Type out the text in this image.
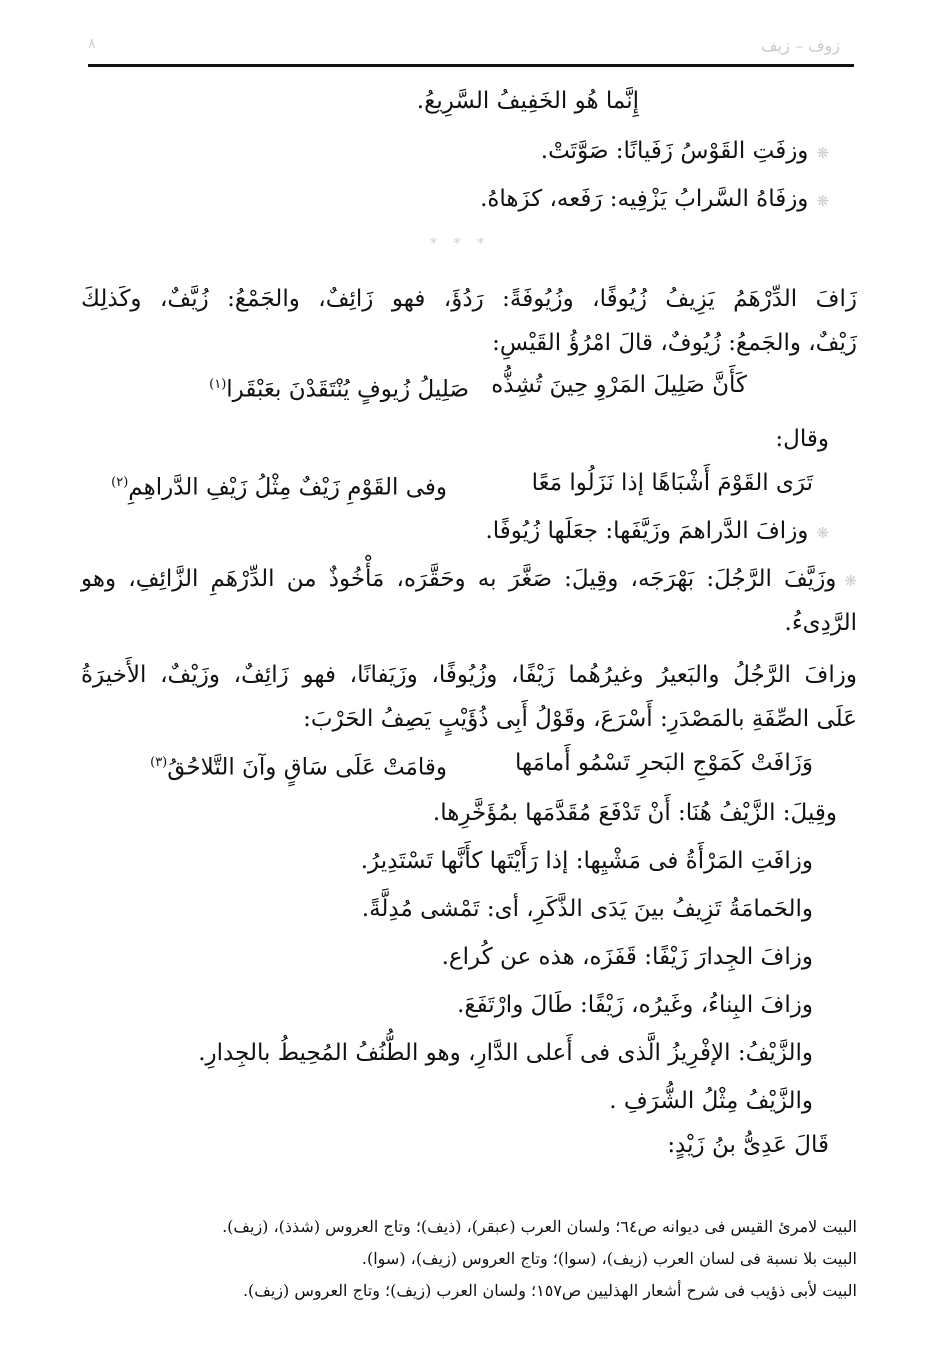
زوف – زيف
٨
إِنَّما هُو الخَفِيفُ السَّرِيعُ.
❋وزفَتِ القَوْسُ زَفَيانًا: صَوَّتَتْ.
❋وزفَاهُ السَّرابُ يَزْفِيه: رَفَعه، كزَهاهُ.
* * *
زَافَ الدِّرْهَمُ يَزِيفُ زُيُوفًا، وزُيُوفَةً: رَدُؤَ، فهو زَائِفٌ، والجَمْعُ: زُيَّفٌ، وكَذلِكَ
زَيْفٌ، والجَمعُ: زُيُوفٌ، قالَ امْرُؤُ القَيْسِ:
كَأَنَّ صَلِيلَ المَرْوِ حِينَ تُشِذُّه
صَلِيلُ زُيوفٍ يُنْتَقَدْنَ بعَبْقَرا$^{(١)}$
وقال:
تَرَى القَوْمَ أَشْبَاهًا إذا نَزَلُوا مَعًا
وفى القَوْمِ زَيْفٌ مِثْلُ زَيْفِ الدَّراهِمِ$^{(٢)}$
❋وزافَ الدَّراهمَ وزَيَّفَها: جعَلَها زُيُوفًا.
❋وزَيَّفَ الرَّجُلَ: بَهْرَجَه، وقِيلَ: صَغَّرَ به وحَقَّرَه، مَأْخُوذٌ من الدِّرْهَمِ الزَّائِفِ، وهو
الرَّدِىءُ.
وزافَ الرَّجُلُ والبَعيرُ وغيرُهُما زَيْفًا، وزُيُوفًا، وزَيَفانًا، فهو زَائِفٌ، وزَيْفٌ، الأَخيرَةُ
عَلَى الصِّفَةِ بالمَصْدَرِ: أَسْرَعَ، وقَوْلُ أَبِى ذُؤَيْبٍ يَصِفُ الحَرْبَ:
وَزَافَتْ كَمَوْجِ البَحرِ تَسْمُو أَمامَها
وقامَتْ عَلَى سَاقٍ وآنَ التَّلاحُقُ$^{(٣)}$
وقِيلَ: الزَّيْفُ هُنَا: أَنْ تَدْفَعَ مُقَدَّمَها بمُؤَخَّرِها.
وزافَتِ المَرْأَةُ فى مَشْيِها: إذا رَأَيْتَها كأَنَّها تَسْتَدِيرُ.
والحَمامَةُ تَزِيفُ بينَ يَدَى الذَّكَرِ، أى: تَمْشى مُدِلَّةً.
وزافَ الجِدارَ زَيْفًا: قَفَزَه، هذه عن كُراع.
وزافَ البِناءُ، وغَيرُه، زَيْفًا: طَالَ وارْتَفَعَ.
والزَّيْفُ: الإفْرِيزُ الَّذى فى أَعلى الدَّارِ، وهو الطُّنُفُ المُحِيطُ بالجِدارِ.
والزَّيْفُ مِثْلُ الشُّرَفِ .
قَالَ عَدِىُّ بنُ زَيْدٍ:
البيت لامرئ القيس فى ديوانه ص٦٤؛ ولسان العرب (عبقر)، (ذيف)؛ وتاج العروس (شذذ)، (زيف).
البيت بلا نسبة فى لسان العرب (زيف)، (سوا)؛ وتاج العروس (زيف)، (سوا).
البيت لأبى ذؤيب فى شرح أشعار الهذليين ص١٥٧؛ ولسان العرب (زيف)؛ وتاج العروس (زيف).
